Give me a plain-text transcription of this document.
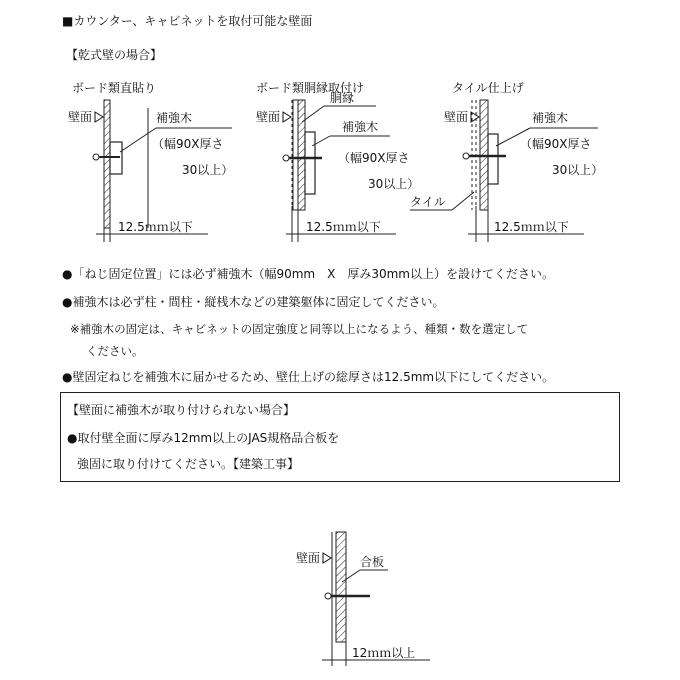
■カウンター、キャビネットを取付可能な壁面
【乾式壁の場合】
●「ねじ固定位置」には必ず補強木（幅90mm　X　厚み30mm以上）を設けてください。
●補強木は必ず柱・間柱・縦桟木などの建築躯体に固定してください。
※補強木の固定は、キャビネットの固定強度と同等以上になるよう、種類・数を選定して
ください。
●壁固定ねじを補強木に届かせるため、壁仕上げの総厚さは12.5mm以下にしてください。
【壁面に補強木が取り付けられない場合】
●取付壁全面に厚み12mm以上のJAS規格品合板を
強固に取り付けてください。【建築工事】
ボード類直貼り
壁面	補強木
（幅90X厚さ
30以上）
12.5ｍｍ以下
ボード類胴縁取付け
壁面
胴縁
補強木
（幅90X厚さ
30以上）
12.5ｍｍ以下
タイル仕上げ
壁面	補強木
（幅90X厚さ
30以上）
タイル
12.5ｍｍ以下
壁面	合板
12ｍｍ以上
